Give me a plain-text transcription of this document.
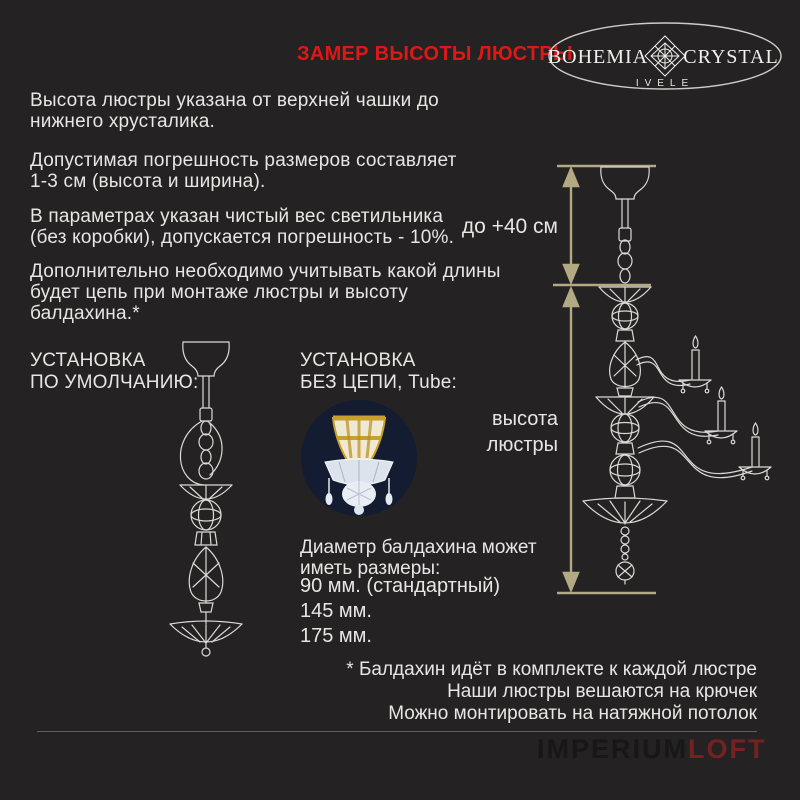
ЗАМЕР ВЫСОТЫ ЛЮСТРЫ
BOHEMIA CRYSTAL
IVELE
Высота люстры указана от верхней чашки до
нижнего хрусталика.
Допустимая погрешность размеров составляет
1-3 см (высота и ширина).
В параметрах указан чистый вес светильника
(без коробки), допускается погрешность - 10%.
Дополнительно необходимо учитывать какой длины
будет цепь при монтаже люстры и высоту балдахина.*
до +40 см
высота
люстры
УСТАНОВКА
ПО УМОЛЧАНИЮ:
УСТАНОВКА
БЕЗ ЦЕПИ, Tube:
Диаметр балдахина может
иметь размеры:
90 мм. (стандартный)
145 мм.
175 мм.
* Балдахин идёт в комплекте к каждой люстре
Наши люстры вешаются на крючек
Можно монтировать на натяжной потолок
IMPERIUMLOFT
